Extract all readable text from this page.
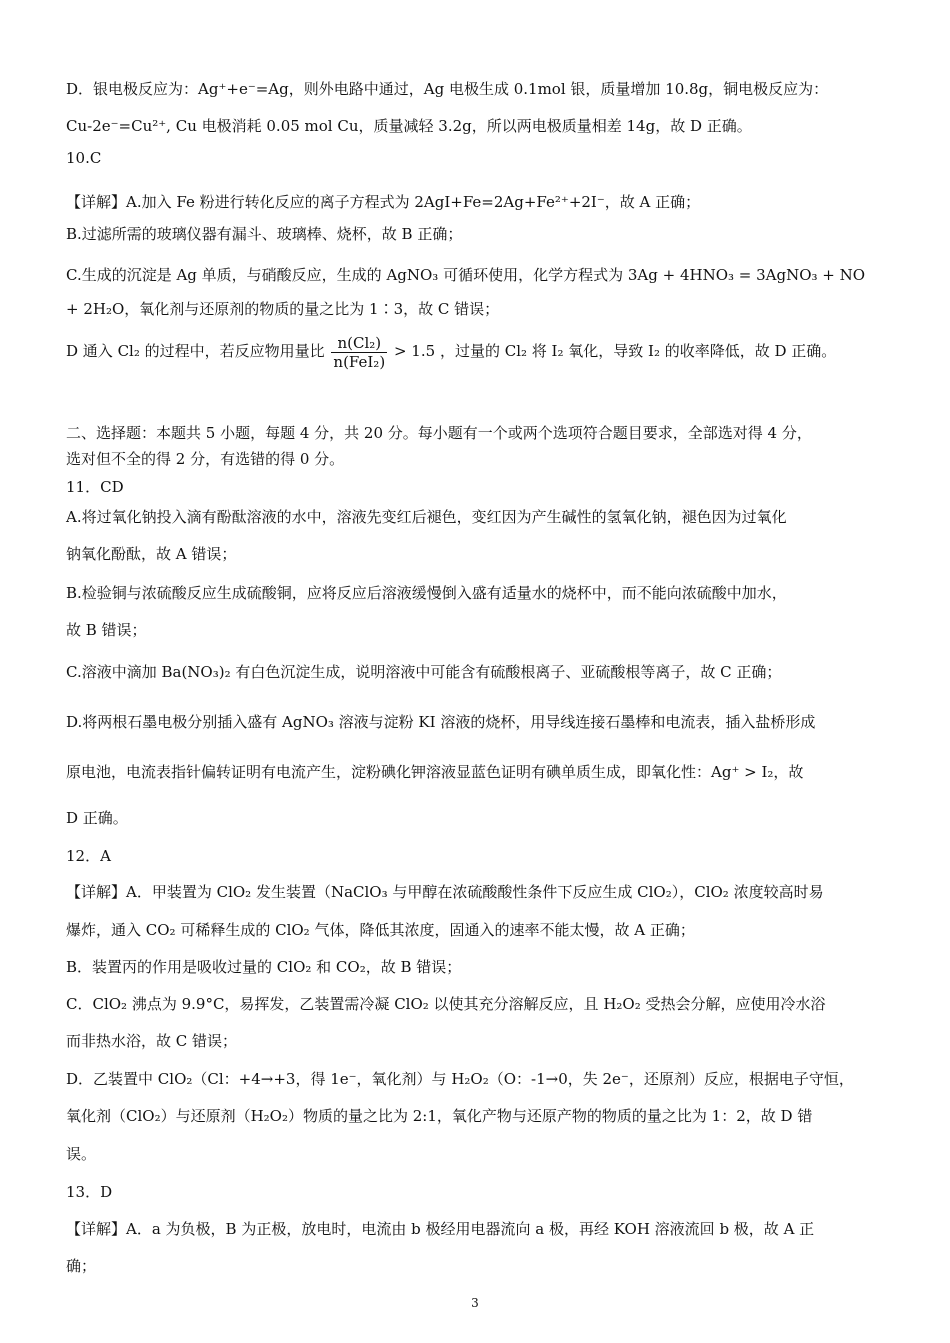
D．银电极反应为：Ag⁺+e⁻=Ag，则外电路中通过，Ag 电极生成 0.1mol 银，质量增加 10.8g，铜电极反应为：
Cu-2e⁻=Cu²⁺, Cu 电极消耗 0.05 mol Cu，质量减轻 3.2g，所以两电极质量相差 14g，故 D 正确。
10.C
【详解】A.加入 Fe 粉进行转化反应的离子方程式为 2AgI+Fe=2Ag+Fe²⁺+2I⁻，故 A 正确；
B.过滤所需的玻璃仪器有漏斗、玻璃棒、烧杯，故 B 正确；
C.生成的沉淀是 Ag 单质，与硝酸反应，生成的 AgNO₃ 可循环使用，化学方程式为 3Ag + 4HNO₃ = 3AgNO₃ + NO
+ 2H₂O，氧化剂与还原剂的物质的量之比为 1∶3，故 C 错误；
D 通入 Cl₂ 的过程中，若反应物用量比 $\frac{\text{n(Cl₂)}}{\text{n(FeI₂)}} > 1.5$ ，过量的 Cl₂ 将 I₂ 氧化，导致 I₂ 的收率降低，故 D 正确。
二、选择题：本题共 5 小题，每题 4 分，共 20 分。每小题有一个或两个选项符合题目要求，全部选对得 4 分，
选对但不全的得 2 分，有选错的得 0 分。
11．CD
A.将过氧化钠投入滴有酚酞溶液的水中，溶液先变红后褪色，变红因为产生碱性的氢氧化钠，褪色因为过氧化
钠氧化酚酞，故 A 错误；
B.检验铜与浓硫酸反应生成硫酸铜，应将反应后溶液缓慢倒入盛有适量水的烧杯中，而不能向浓硫酸中加水，
故 B 错误；
C.溶液中滴加 Ba(NO₃)₂ 有白色沉淀生成，说明溶液中可能含有硫酸根离子、亚硫酸根等离子，故 C 正确；
D.将两根石墨电极分别插入盛有 AgNO₃ 溶液与淀粉 KI 溶液的烧杯，用导线连接石墨棒和电流表，插入盐桥形成
原电池，电流表指针偏转证明有电流产生，淀粉碘化钾溶液显蓝色证明有碘单质生成，即氧化性：Ag⁺ > I₂，故
D 正确。
12．A
【详解】A．甲装置为 ClO₂ 发生装置（NaClO₃ 与甲醇在浓硫酸酸性条件下反应生成 ClO₂），ClO₂ 浓度较高时易
爆炸，通入 CO₂ 可稀释生成的 ClO₂ 气体，降低其浓度，固通入的速率不能太慢，故 A 正确；
B．装置丙的作用是吸收过量的 ClO₂ 和 CO₂，故 B 错误；
C．ClO₂ 沸点为 9.9°C，易挥发，乙装置需冷凝 ClO₂ 以使其充分溶解反应，且 H₂O₂ 受热会分解，应使用冷水浴
而非热水浴，故 C 错误；
D．乙装置中 ClO₂（Cl：+4→+3，得 1e⁻，氧化剂）与 H₂O₂（O：-1→0，失 2e⁻，还原剂）反应，根据电子守恒，
氧化剂（ClO₂）与还原剂（H₂O₂）物质的量之比为 2:1，氧化产物与还原产物的物质的量之比为 1：2，故 D 错
误。
13．D
【详解】A．a 为负极，B 为正极，放电时，电流由 b 极经用电器流向 a 极，再经 KOH 溶液流回 b 极，故 A 正
确；
3
